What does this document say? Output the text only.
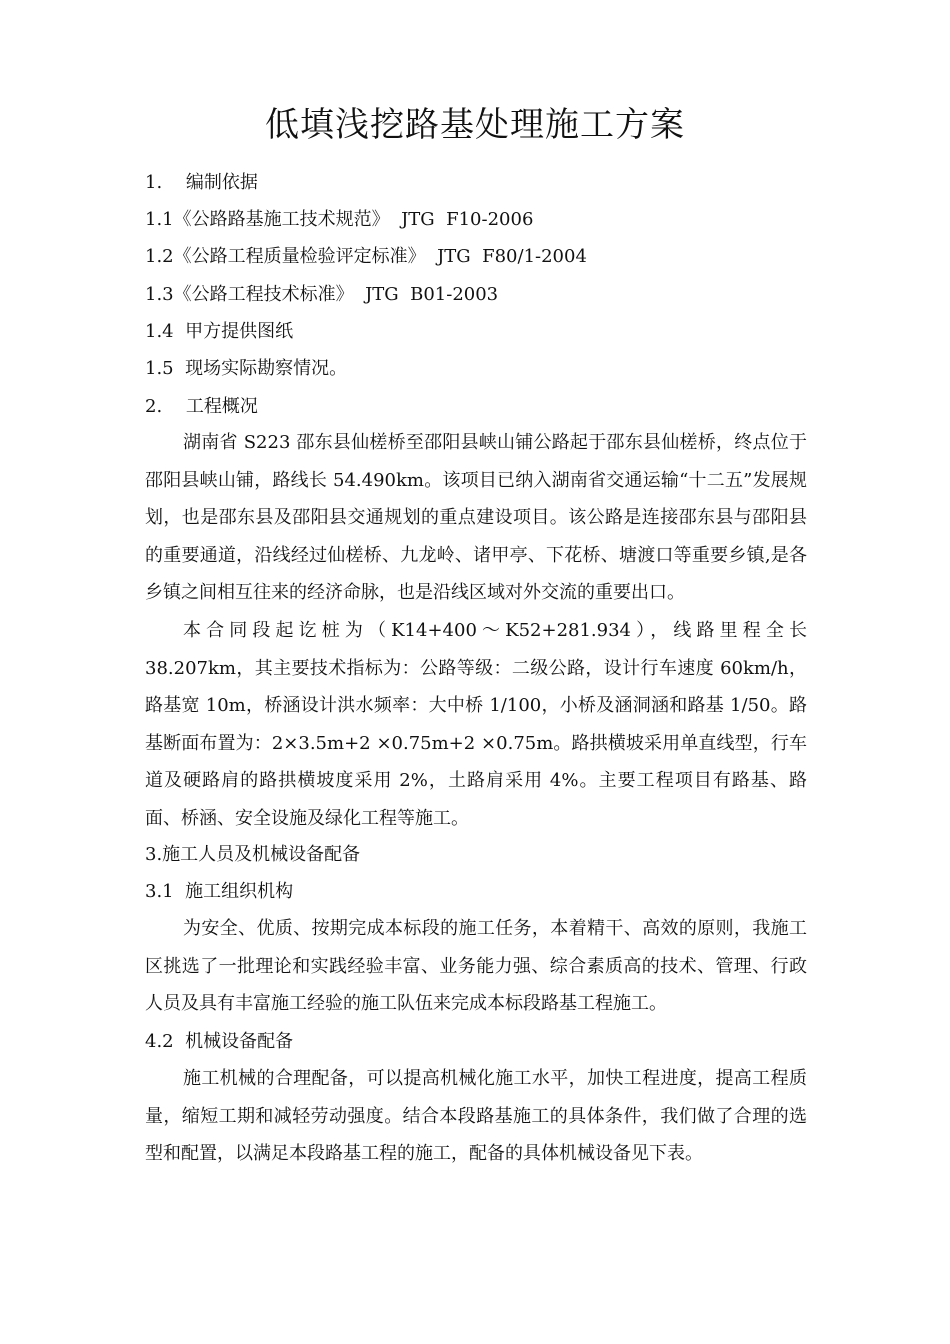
低填浅挖路基处理施工方案

1.　 编制依据

1.1《公路路基施工技术规范》  JTG  F10-2006

1.2《公路工程质量检验评定标准》  JTG  F80/1-2004

1.3《公路工程技术标准》  JTG  B01-2003

1.4  甲方提供图纸

1.5  现场实际勘察情况。

2.　 工程概况

湖南省 S223 邵东县仙槎桥至邵阳县峡山铺公路起于邵东县仙槎桥，终点位于邵阳县峡山铺，路线长 54.490km。该项目已纳入湖南省交通运输“十二五”发展规划，也是邵东县及邵阳县交通规划的重点建设项目。该公路是连接邵东县与邵阳县的重要通道，沿线经过仙槎桥、九龙岭、诸甲亭、下花桥、塘渡口等重要乡镇,是各乡镇之间相互往来的经济命脉，也是沿线区域对外交流的重要出口。

本合同段起讫桩为（K14+400～K52+281.934），线路里程全长 38.207km，其主要技术指标为：公路等级：二级公路，设计行车速度 60km/h，路基宽 10m，桥涵设计洪水频率：大中桥 1/100，小桥及涵洞涵和路基 1/50。路基断面布置为：2×3.5m+2 ×0.75m+2 ×0.75m。路拱横坡采用单直线型，行车道及硬路肩的路拱横坡度采用 2%，土路肩采用 4%。主要工程项目有路基、路面、桥涵、安全设施及绿化工程等施工。

3.施工人员及机械设备配备

3.1  施工组织机构

为安全、优质、按期完成本标段的施工任务，本着精干、高效的原则，我施工区挑选了一批理论和实践经验丰富、业务能力强、综合素质高的技术、管理、行政人员及具有丰富施工经验的施工队伍来完成本标段路基工程施工。

4.2  机械设备配备

施工机械的合理配备，可以提高机械化施工水平，加快工程进度，提高工程质量，缩短工期和减轻劳动强度。结合本段路基施工的具体条件，我们做了合理的选型和配置，以满足本段路基工程的施工，配备的具体机械设备见下表。
